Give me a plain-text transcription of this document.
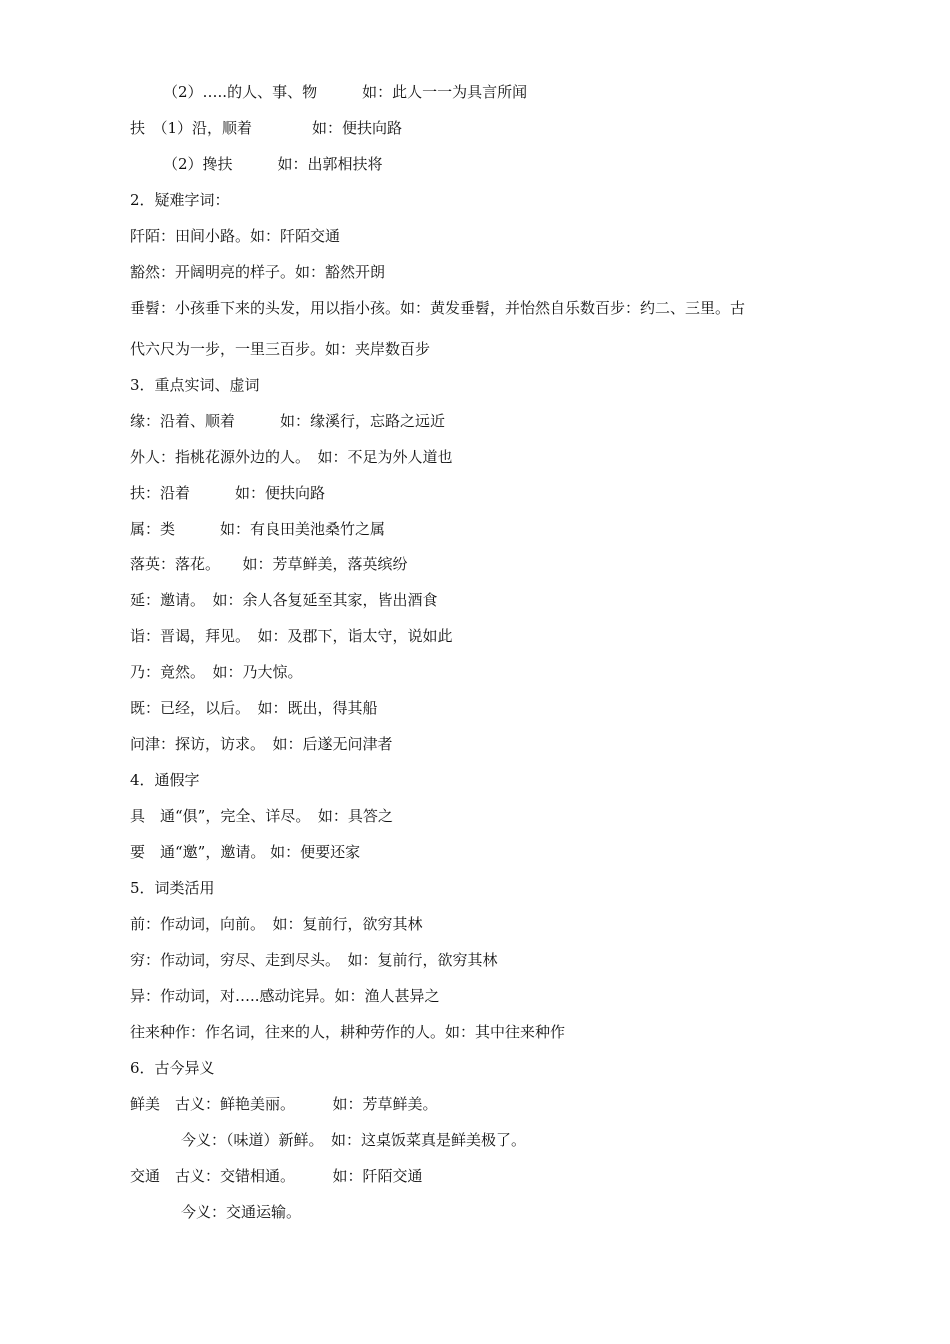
（2）…..的人、事、物　　　如：此人一一为具言所闻
扶　（1）沿，顺着　　　　如：便扶向路
（2）搀扶　　　如：出郭相扶将
2．疑难字词：
阡陌：田间小路。如：阡陌交通
豁然：开阔明亮的样子。如：豁然开朗
垂髫：小孩垂下来的头发，用以指小孩。如：黄发垂髫，并怡然自乐数百步：约二、三里。古
代六尺为一步，一里三百步。如：夹岸数百步
3．重点实词、虚词
缘：沿着、顺着　　　如：缘溪行，忘路之远近
外人：指桃花源外边的人。　如：不足为外人道也
扶：沿着　　　如：便扶向路
属：类　　　如：有良田美池桑竹之属
落英：落花。　　如：芳草鲜美，落英缤纷
延：邀请。　如：余人各复延至其家，皆出酒食
诣：晋谒，拜见。　如：及郡下，诣太守，说如此
乃：竟然。　如：乃大惊。
既：已经，以后。　如：既出，得其船
问津：探访，访求。　如：后遂无问津者
4．通假字
具　通“俱”，完全、详尽。　如：具答之
要　通“邀”，邀请。 如：便要还家
5．词类活用
前：作动词，向前。　如：复前行，欲穷其林
穷：作动词，穷尽、走到尽头。　如：复前行，欲穷其林
异：作动词，对…..感动诧异。如：渔人甚异之
往来种作：作名词，往来的人，耕种劳作的人。如：其中往来种作
6．古今异义
鲜美　古义：鲜艳美丽。　　　如：芳草鲜美。
今义：（味道）新鲜。　如：这桌饭菜真是鲜美极了。
交通　古义：交错相通。　　　如：阡陌交通
今义：交通运输。
